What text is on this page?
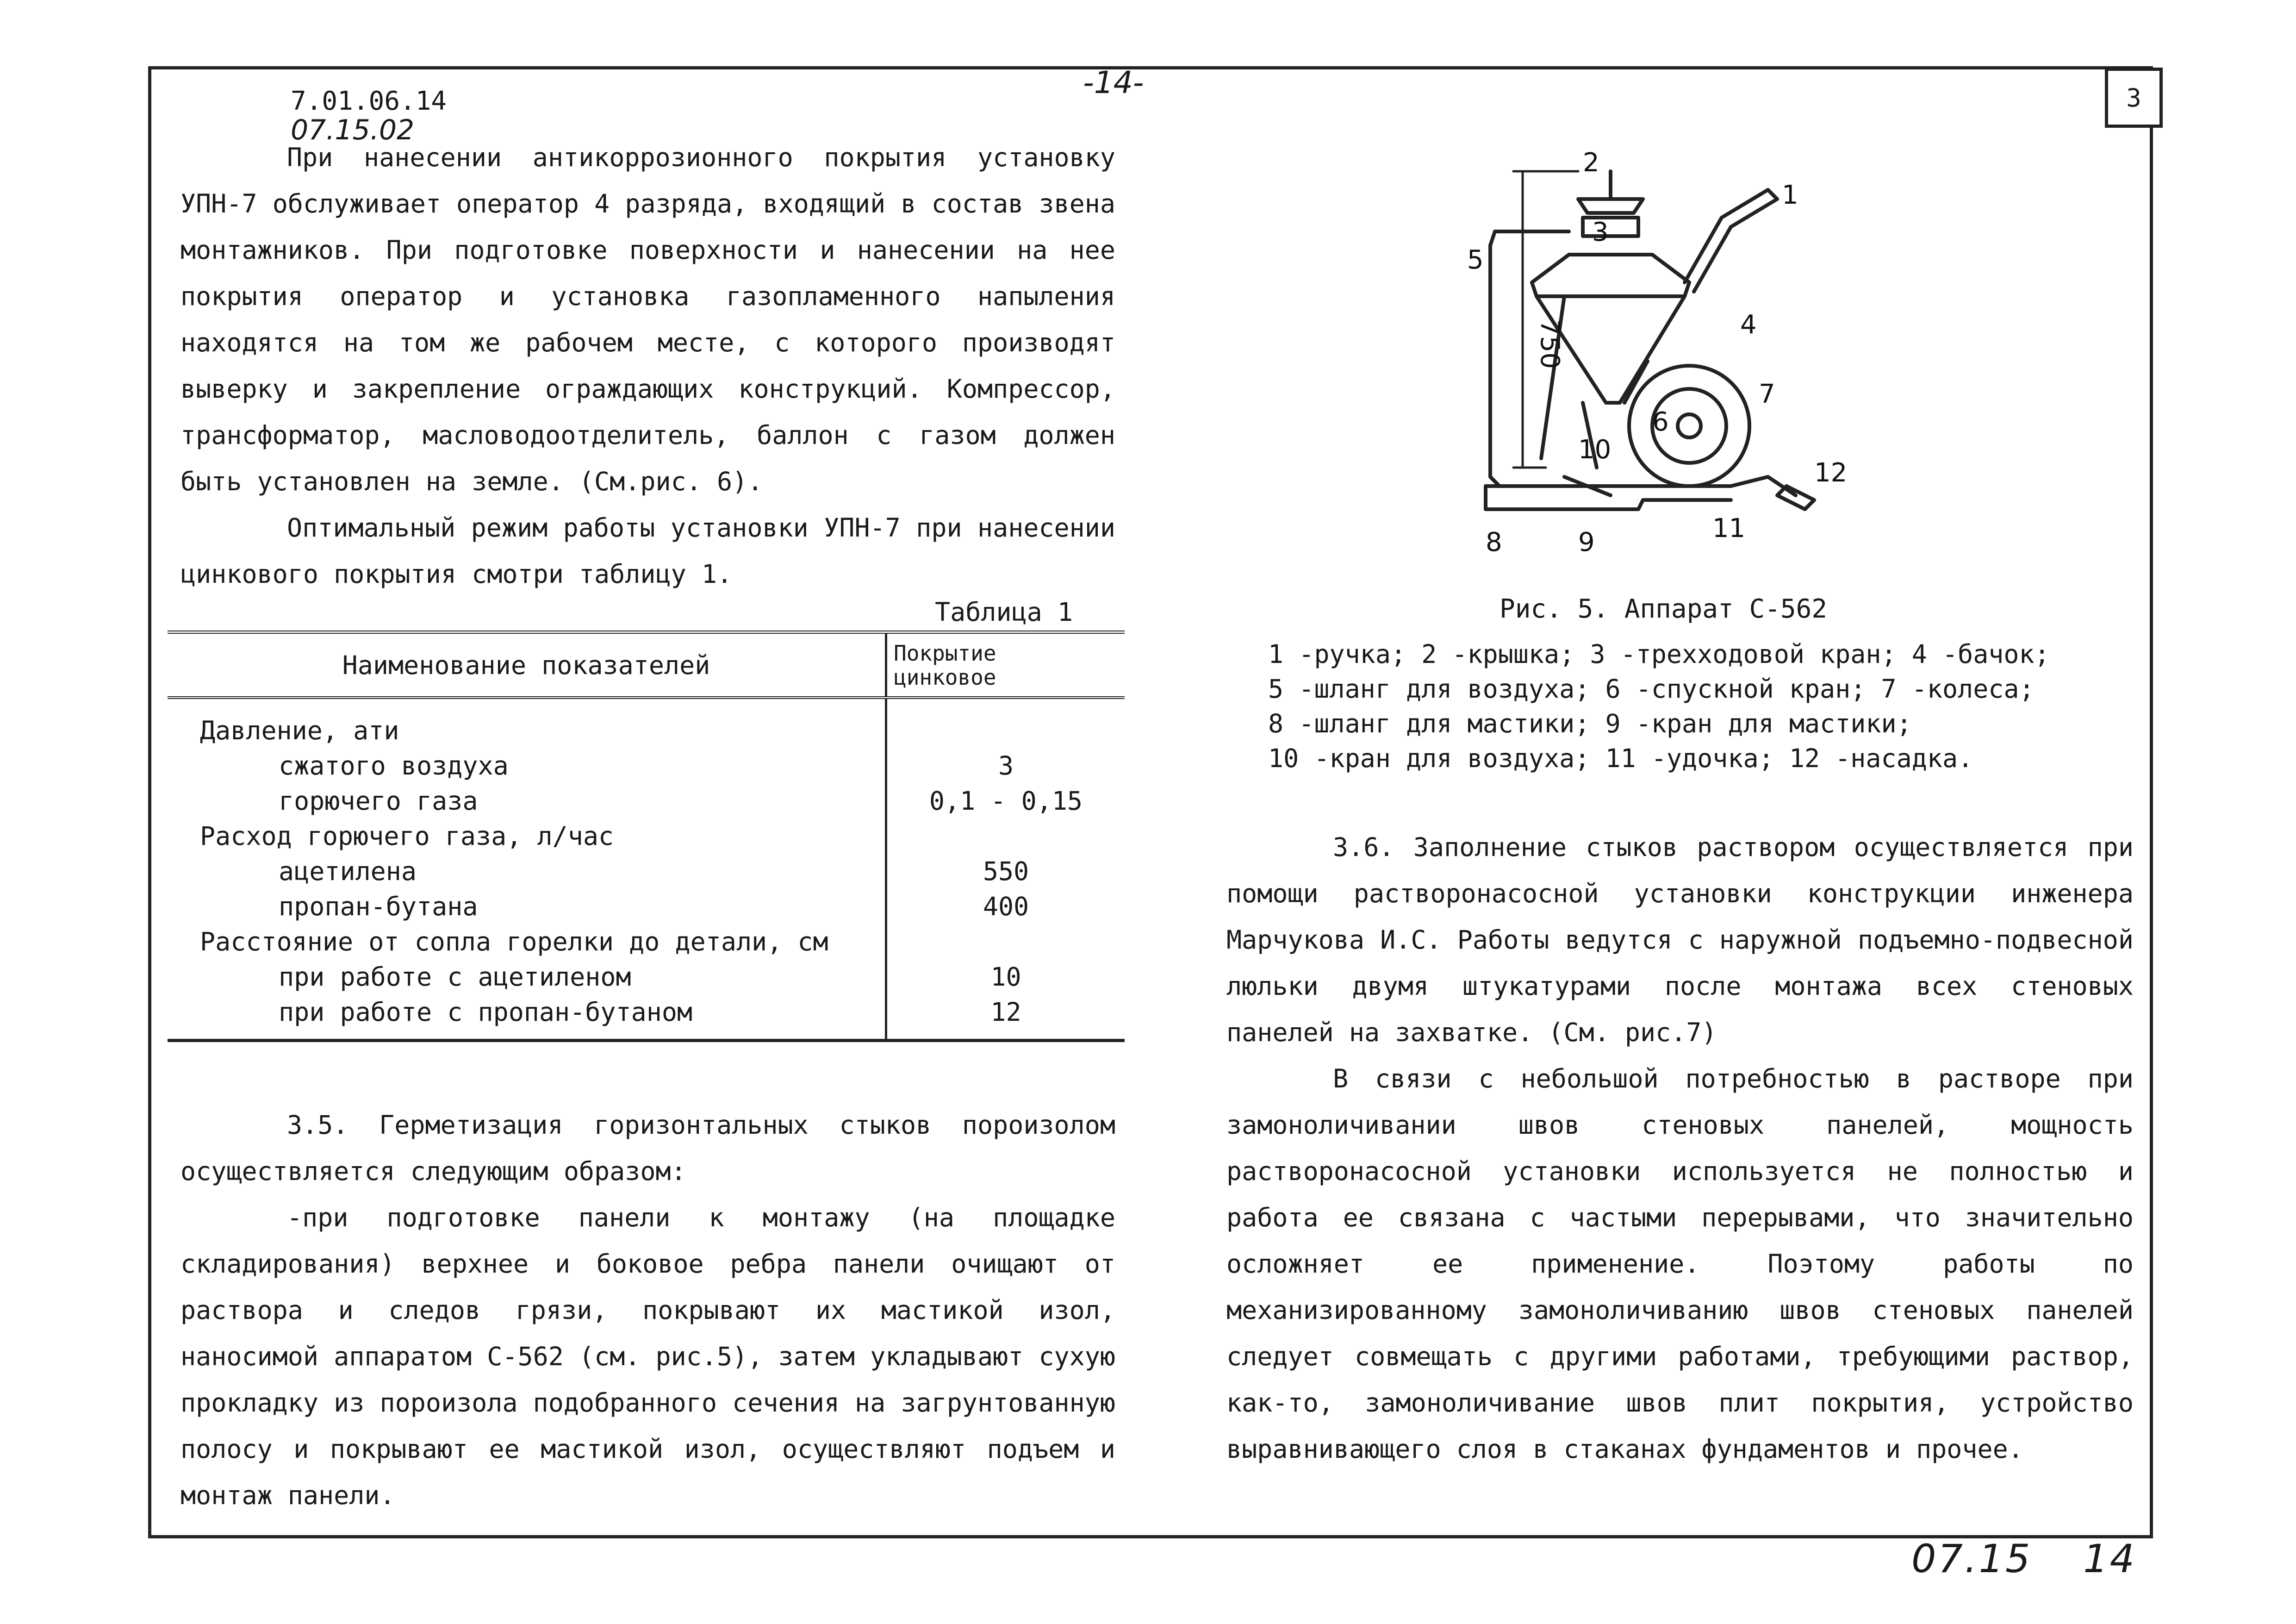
3
7.01.06.14
07.15.02
-14-

При нанесении антикоррозионного покрытия установку УПН-7 обслуживает оператор 4 разряда, входящий в состав звена монтажников. При подготовке поверхности и нанесении на нее покрытия оператор и установка газопламенного напыления находятся на том же рабочем месте, с которого производят выверку и закрепление ограждающих конструкций. Компрессор, трансформатор, масловодоотделитель, баллон с газом должен быть установлен на земле. (См.рис. 6).

Оптимальный режим работы установки УПН-7 при нанесении цинкового покрытия смотри таблицу 1.

Таблица 1
Наименование показателей	Покрытие
цинковое

Давление, ати	
сжатого воздуха	3
горючего газа	0,1 - 0,15
Расход горючего газа, л/час	
ацетилена	550
пропан-бутана	400
Расстояние от сопла горелки до детали, см	
при работе с ацетиленом	10
при работе с пропан-бутаном	12

3.5. Герметизация горизонтальных стыков пороизолом осуществляется следующим образом:

-при подготовке панели к монтажу (на площадке складирования) верхнее и боковое ребра панели очищают от раствора и следов грязи, покрывают их мастикой изол, наносимой аппаратом С-562 (см. рис.5), затем укладывают сухую прокладку из пороизола подобранного сечения на загрунтованную полосу и покрывают ее мастикой изол, осуществляют подъем и монтаж панели.

1
2
3
4
5
6
7
8	9
10
11
12
750
Рис. 5. Аппарат С-562
1 -ручка; 2 -крышка; 3 -трехходовой кран; 4 -бачок;
5 -шланг для воздуха; 6 -спускной кран; 7 -колеса;
8 -шланг для мастики; 9 -кран для мастики;
10 -кран для воздуха; 11 -удочка; 12 -насадка.

3.6. Заполнение стыков раствором осуществляется при помощи растворонасосной установки конструкции инженера Марчукова И.С. Работы ведутся с наружной подъемно-подвесной люльки двумя штукатурами после монтажа всех стеновых панелей на захватке. (См. рис.7)

В связи с небольшой потребностью в растворе при замоноличивании швов стеновых панелей, мощность растворонасосной установки используется не полностью и работа ее связана с частыми перерывами, что значительно осложняет ее применение. Поэтому работы по механизированному замоноличиванию швов стеновых панелей следует совмещать с другими работами, требующими раствор, как-то, замоноличивание швов плит покрытия, устройство выравнивающего слоя в стаканах фундаментов и прочее.

07.15 14
